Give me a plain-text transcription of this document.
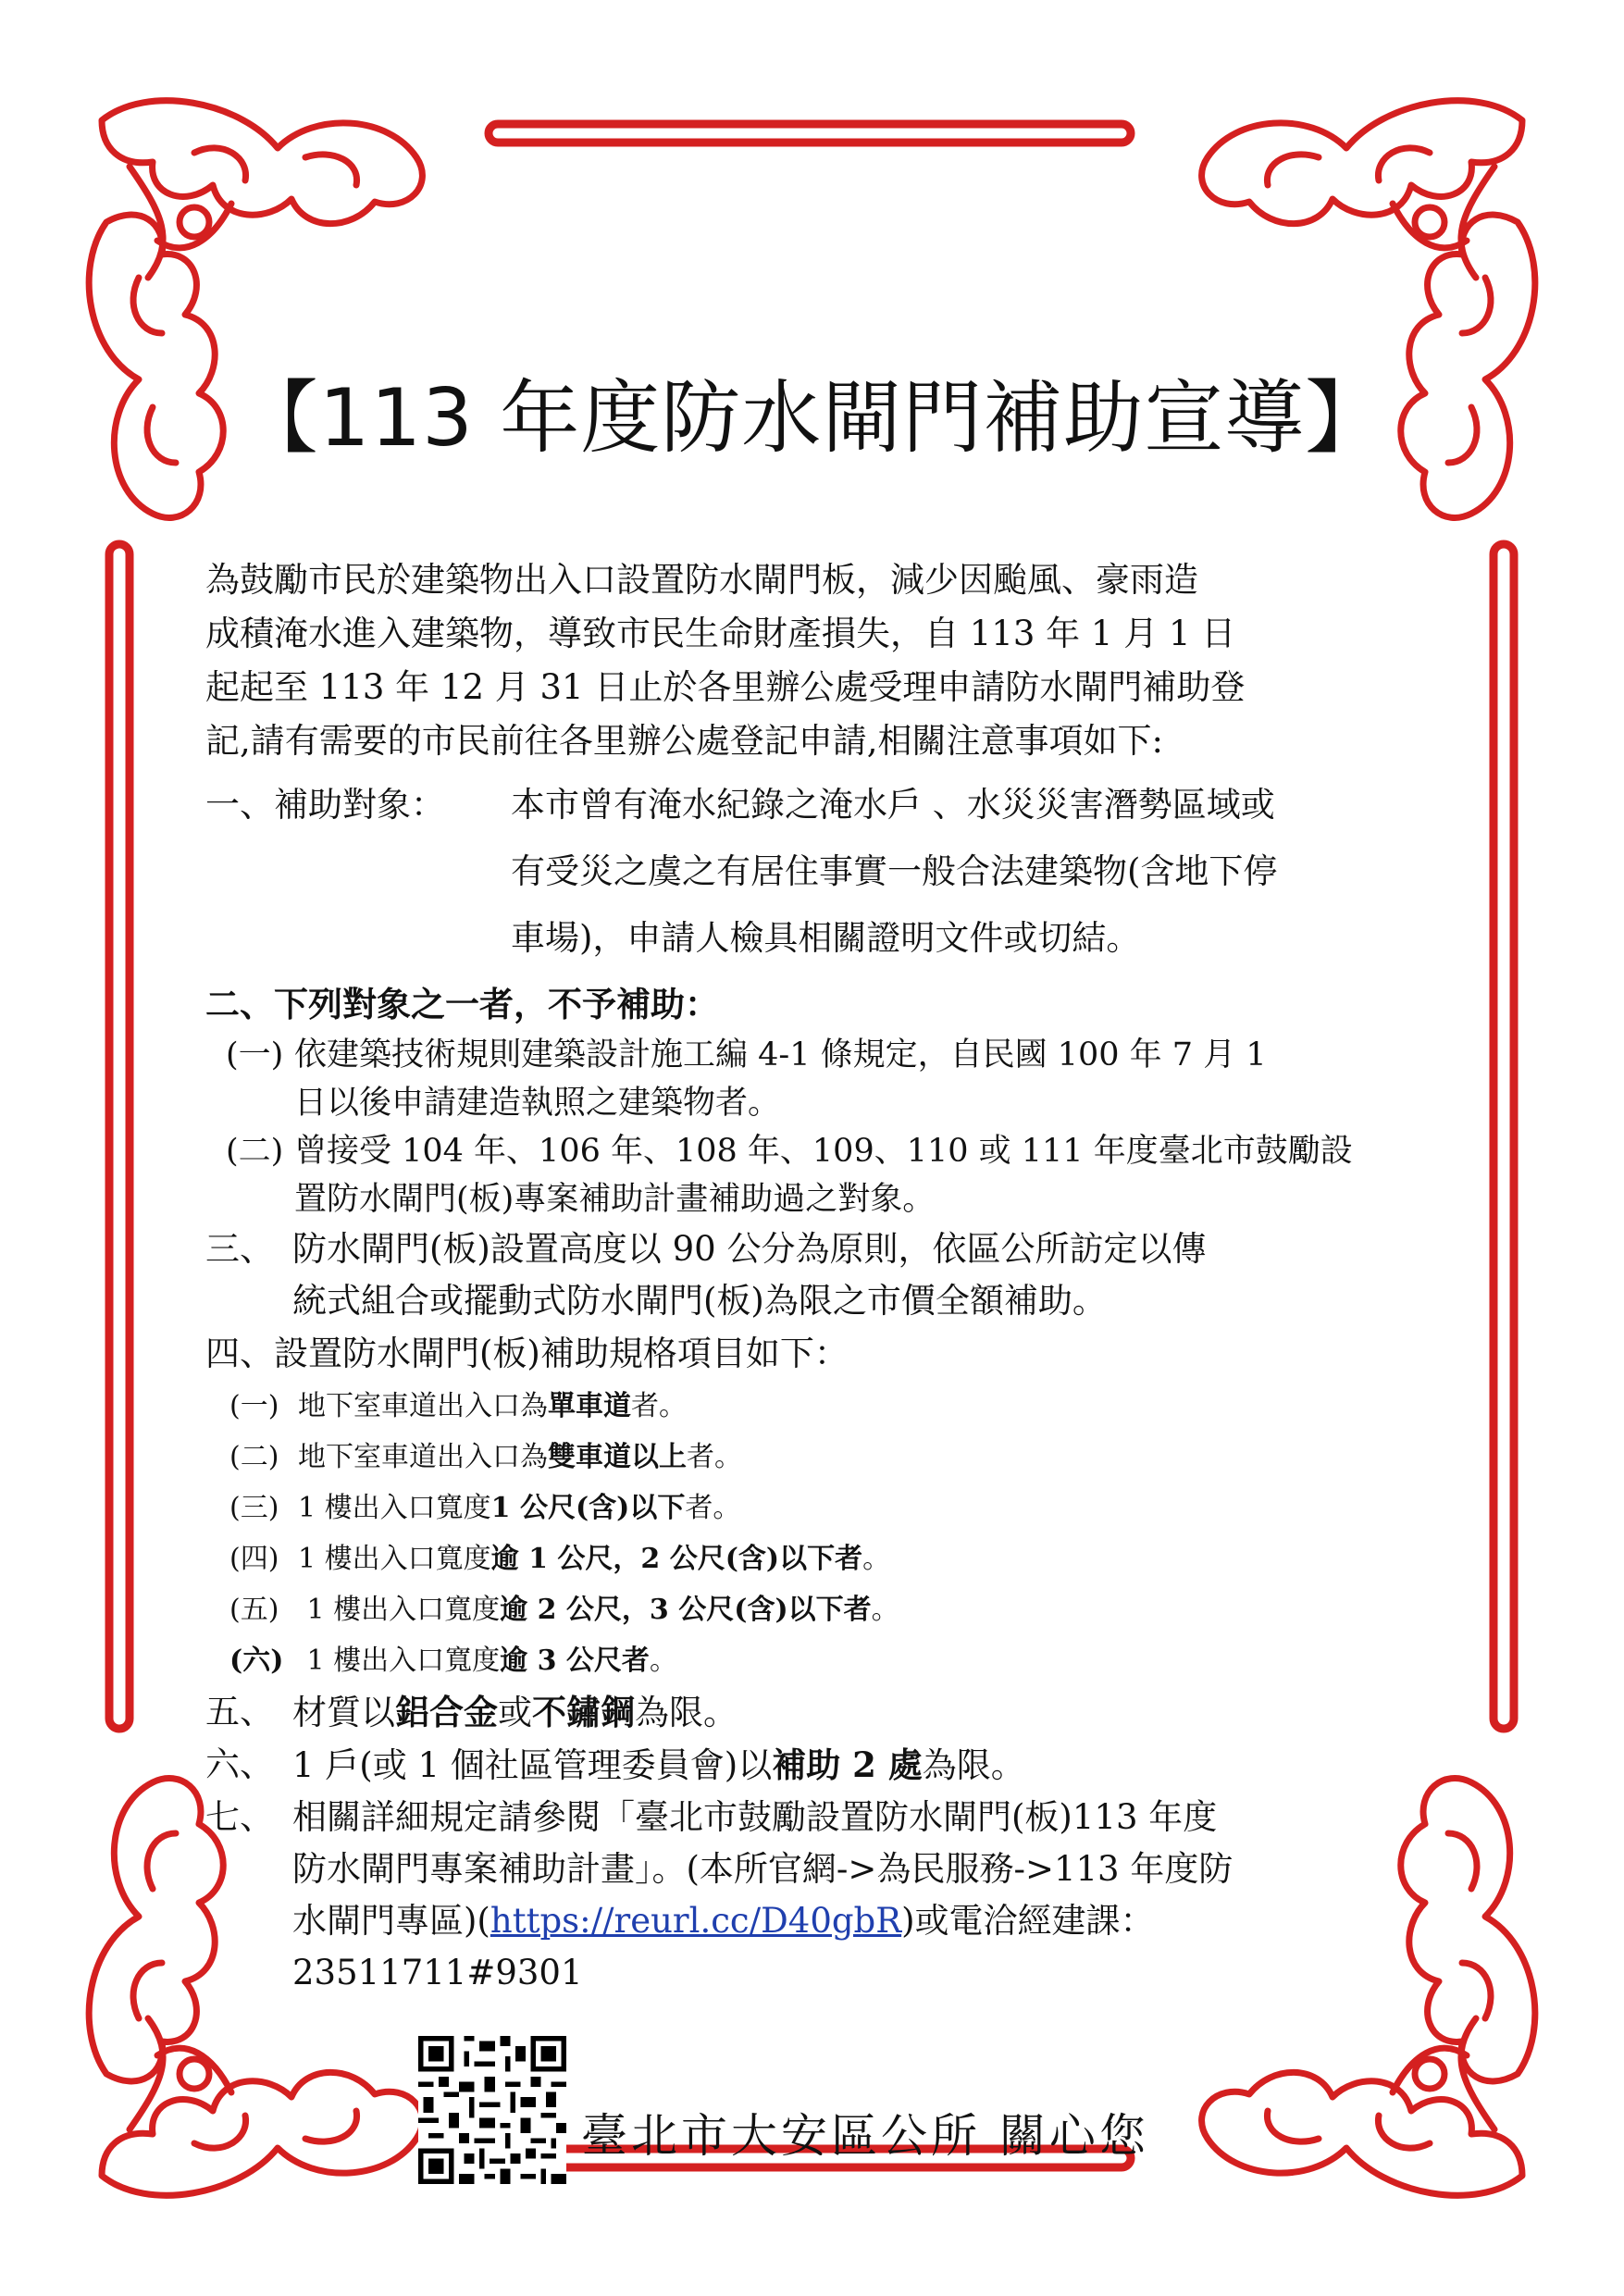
【113 年度防水閘門補助宣導】

為鼓勵市民於建築物出入口設置防水閘門板，減少因颱風、豪雨造

成積淹水進入建築物，導致市民生命財產損失，自 113 年 1 月 1 日

起起至 113 年 12 月 31 日止於各里辦公處受理申請防水閘門補助登

記,請有需要的市民前往各里辦公處登記申請,相關注意事項如下:

一、補助對象： 本市曾有淹水紀錄之淹水戶 、水災災害潛勢區域或
有受災之虞之有居住事實一般合法建築物(含地下停
車場)，申請人檢具相關證明文件或切結。
二、下列對象之一者，不予補助：
(一) 依建築技術規則建築設計施工編 4-1 條規定，自民國 100 年 7 月 1
日以後申請建造執照之建築物者。
(二) 曾接受 104 年、106 年、108 年、109、110 或 111 年度臺北市鼓勵設
置防水閘門(板)專案補助計畫補助過之對象。
三、 防水閘門(板)設置高度以 90 公分為原則，依區公所訪定以傳
統式組合或擺動式防水閘門(板)為限之市價全額補助。
四、設置防水閘門(板)補助規格項目如下：
(一) 地下室車道出入口為單車道者。
(二) 地下室車道出入口為雙車道以上者。
(三) 1 樓出入口寬度1 公尺(含)以下者。
(四) 1 樓出入口寬度逾 1 公尺，2 公尺(含)以下者。
(五) 1 樓出入口寬度逾 2 公尺，3 公尺(含)以下者。
(六) 1 樓出入口寬度逾 3 公尺者。
五、 材質以鋁合金或不鏽鋼為限。
六、 1 戶(或 1 個社區管理委員會)以補助 2 處為限。
七、 相關詳細規定請參閱「臺北市鼓勵設置防水閘門(板)113 年度
防水閘門專案補助計畫」。(本所官網->為民服務->113 年度防
水閘門專區)(https://reurl.cc/D40gbR)或電洽經建課：
23511711#9301
臺北市大安區公所 關心您
